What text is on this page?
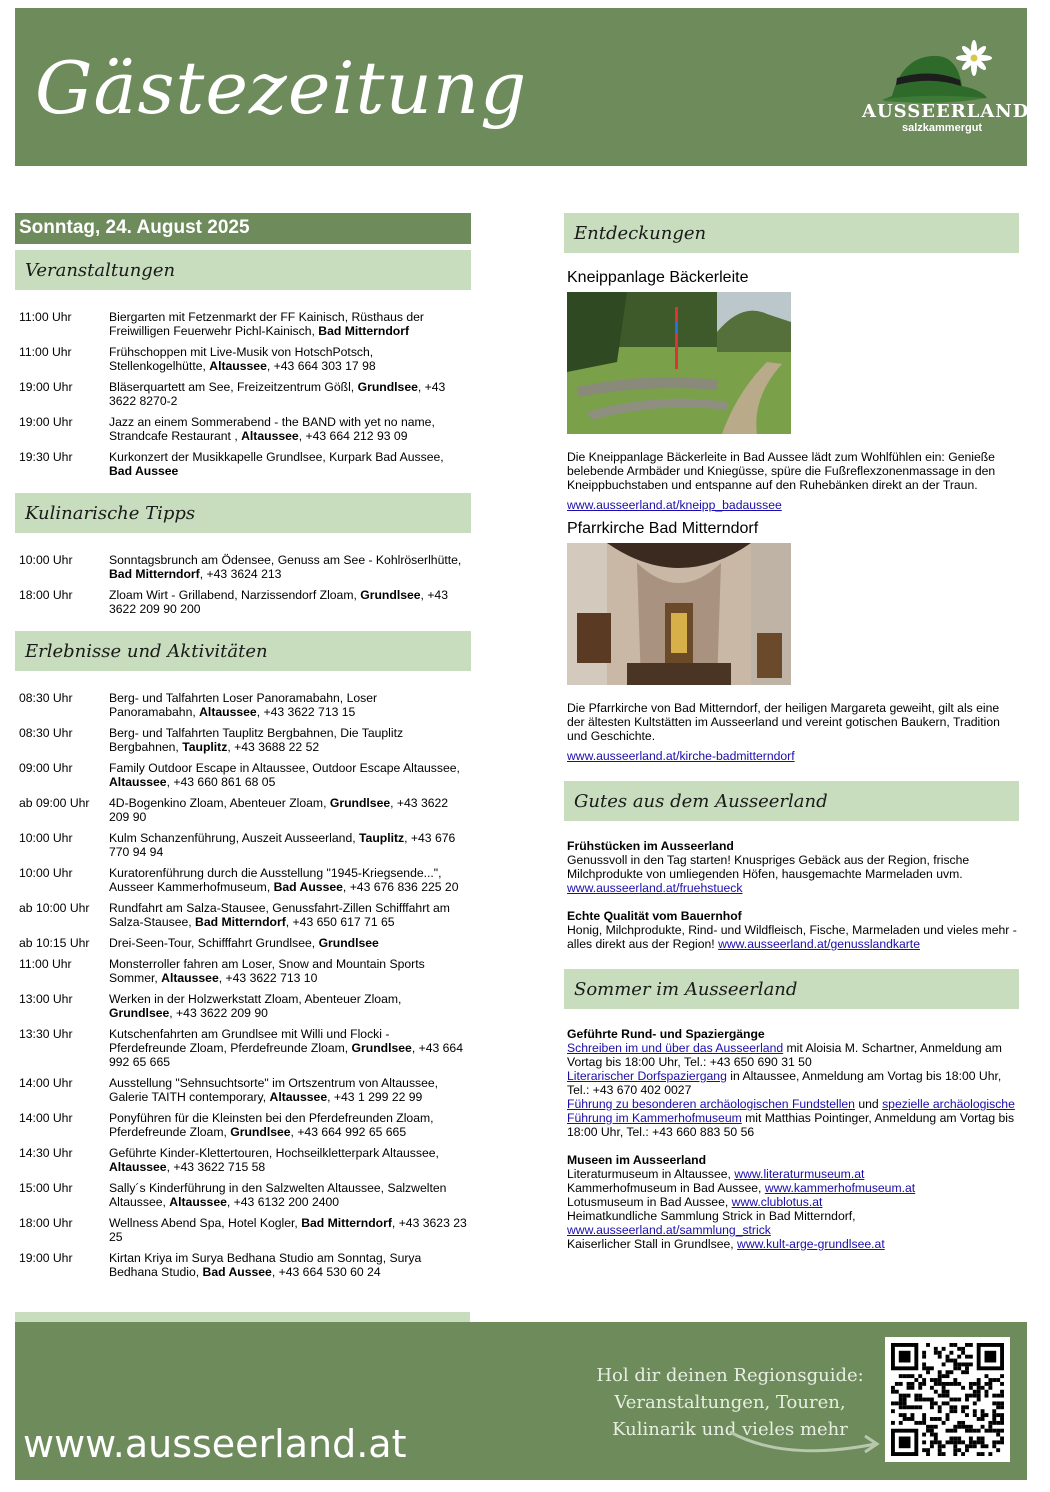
Gästezeitung	AUSSEERLAND
salzkammergut
Sonntag, 24. August 2025
Veranstaltungen
11:00 Uhr	Biergarten mit Fetzenmarkt der FF Kainisch, Rüsthaus der Freiwilligen Feuerwehr Pichl-Kainisch, Bad Mitterndorf
11:00 Uhr	Frühschoppen mit Live-Musik von HotschPotsch, Stellenkogelhütte, Altaussee, +43 664 303 17 98
19:00 Uhr	Bläserquartett am See, Freizeitzentrum Gößl, Grundlsee, +43 3622 8270-2
19:00 Uhr	Jazz an einem Sommerabend - the BAND with yet no name, Strandcafe Restaurant , Altaussee, +43 664 212 93 09
19:30 Uhr	Kurkonzert der Musikkapelle Grundlsee, Kurpark Bad Aussee, Bad Aussee
Kulinarische Tipps
10:00 Uhr	Sonntagsbrunch am Ödensee, Genuss am See - Kohlröserlhütte, Bad Mitterndorf, +43 3624 213
18:00 Uhr	Zloam Wirt - Grillabend, Narzissendorf Zloam, Grundlsee, +43 3622 209 90 200
Erlebnisse und Aktivitäten
08:30 Uhr	Berg- und Talfahrten Loser Panoramabahn, Loser Panoramabahn, Altaussee, +43 3622 713 15
08:30 Uhr	Berg- und Talfahrten Tauplitz Bergbahnen, Die Tauplitz Bergbahnen, Tauplitz, +43 3688 22 52
09:00 Uhr	Family Outdoor Escape in Altaussee, Outdoor Escape Altaussee, Altaussee, +43 660 861 68 05
ab 09:00 Uhr	4D-Bogenkino Zloam, Abenteuer Zloam, Grundlsee, +43 3622 209 90
10:00 Uhr	Kulm Schanzenführung, Auszeit Ausseerland, Tauplitz, +43 676 770 94 94
10:00 Uhr	Kuratorenführung durch die Ausstellung "1945-Kriegsende...", Ausseer Kammerhofmuseum, Bad Aussee, +43 676 836 225 20
ab 10:00 Uhr	Rundfahrt am Salza-Stausee, Genussfahrt-Zillen Schifffahrt am Salza-Stausee, Bad Mitterndorf, +43 650 617 71 65
ab 10:15 Uhr	Drei-Seen-Tour, Schifffahrt Grundlsee, Grundlsee
11:00 Uhr	Monsterroller fahren am Loser, Snow and Mountain Sports Sommer, Altaussee, +43 3622 713 10
13:00 Uhr	Werken in der Holzwerkstatt Zloam, Abenteuer Zloam, Grundlsee, +43 3622 209 90
13:30 Uhr	Kutschenfahrten am Grundlsee mit Willi und Flocki - Pferdefreunde Zloam, Pferdefreunde Zloam, Grundlsee, +43 664 992 65 665
14:00 Uhr	Ausstellung "Sehnsuchtsorte" im Ortszentrum von Altaussee, Galerie TAITH contemporary, Altaussee, +43 1 299 22 99
14:00 Uhr	Ponyführen für die Kleinsten bei den Pferdefreunden Zloam, Pferdefreunde Zloam, Grundlsee, +43 664 992 65 665
14:30 Uhr	Geführte Kinder-Klettertouren, Hochseilkletterpark Altaussee, Altaussee, +43 3622 715 58
15:00 Uhr	Sally´s Kinderführung in den Salzwelten Altaussee, Salzwelten Altaussee, Altaussee, +43 6132 200 2400
18:00 Uhr	Wellness Abend Spa, Hotel Kogler, Bad Mitterndorf, +43 3623 23 25
19:00 Uhr	Kirtan Kriya im Surya Bedhana Studio am Sonntag, Surya Bedhana Studio, Bad Aussee, +43 664 530 60 24
Entdeckungen
Kneippanlage Bäckerleite
Die Kneippanlage Bäckerleite in Bad Aussee lädt zum Wohlfühlen ein: Genieße belebende Armbäder und Kniegüsse, spüre die Fußreflexzonenmassage in den Kneippbuchstaben und entspanne auf den Ruhebänken direkt an der Traun.
www.ausseerland.at/kneipp_badaussee
Pfarrkirche Bad Mitterndorf
Die Pfarrkirche von Bad Mitterndorf, der heiligen Margareta geweiht, gilt als eine der ältesten Kultstätten im Ausseerland und vereint gotischen Baukern, Tradition und Geschichte.
www.ausseerland.at/kirche-badmitterndorf
Gutes aus dem Ausseerland
Frühstücken im Ausseerland
Genussvoll in den Tag starten! Knuspriges Gebäck aus der Region, frische Milchprodukte von umliegenden Höfen, hausgemachte Marmeladen uvm.
www.ausseerland.at/fruehstueck
Echte Qualität vom Bauernhof
Honig, Milchprodukte, Rind- und Wildfleisch, Fische, Marmeladen und vieles mehr - alles direkt aus der Region! www.ausseerland.at/genusslandkarte
Sommer im Ausseerland
Geführte Rund- und Spaziergänge
Schreiben im und über das Ausseerland mit Aloisia M. Schartner, Anmeldung am Vortag bis 18:00 Uhr, Tel.: +43 650 690 31 50
Literarischer Dorfspaziergang in Altaussee, Anmeldung am Vortag bis 18:00 Uhr, Tel.: +43 670 402 0027
Führung zu besonderen archäologischen Fundstellen und spezielle archäologische Führung im Kammerhofmuseum mit Matthias Pointinger, Anmeldung am Vortag bis 18:00 Uhr, Tel.: +43 660 883 50 56
Museen im Ausseerland
Literaturmuseum in Altaussee, www.literaturmuseum.at
Kammerhofmuseum in Bad Aussee, www.kammerhofmuseum.at
Lotusmuseum in Bad Aussee, www.clublotus.at
Heimatkundliche Sammlung Strick in Bad Mitterndorf,
www.ausseerland.at/sammlung_strick
Kaiserlicher Stall in Grundlsee, www.kult-arge-grundlsee.at
www.ausseerland.at
Hol dir deinen Regionsguide:
Veranstaltungen, Touren,
Kulinarik und vieles mehr
